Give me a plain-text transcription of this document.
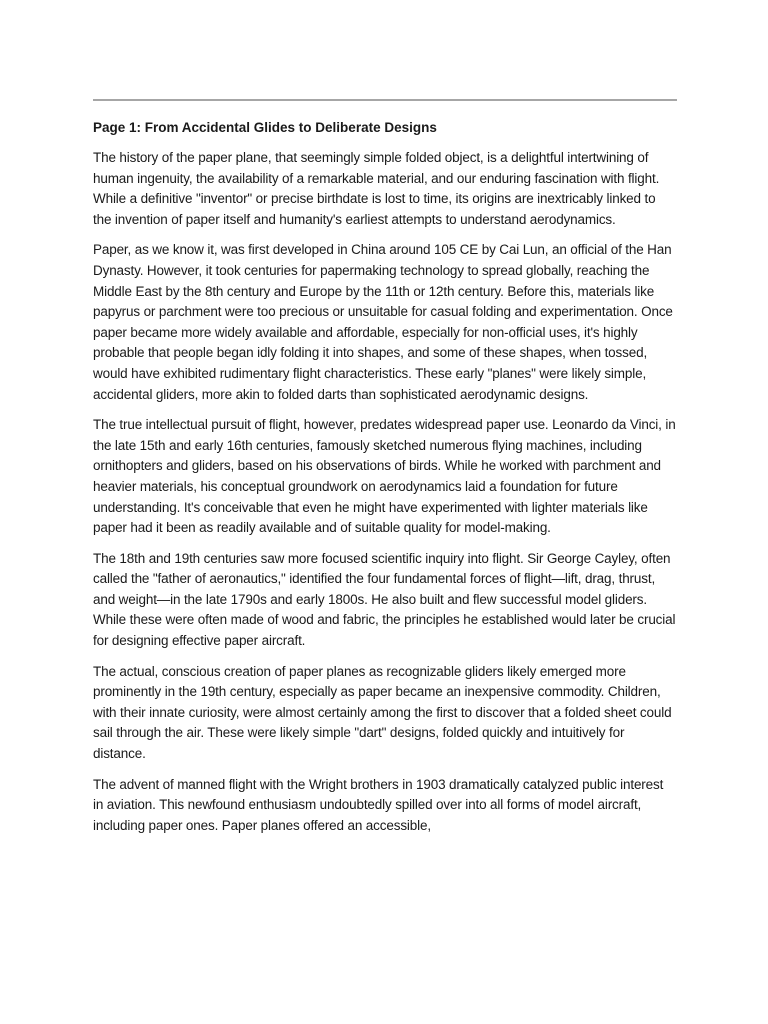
Page 1: From Accidental Glides to Deliberate Designs

The history of the paper plane, that seemingly simple folded object, is a delightful intertwining of human ingenuity, the availability of a remarkable material, and our enduring fascination with flight. While a definitive "inventor" or precise birthdate is lost to time, its origins are inextricably linked to the invention of paper itself and humanity's earliest attempts to understand aerodynamics.

Paper, as we know it, was first developed in China around 105 CE by Cai Lun, an official of the Han Dynasty. However, it took centuries for papermaking technology to spread globally, reaching the Middle East by the 8th century and Europe by the 11th or 12th century. Before this, materials like papyrus or parchment were too precious or unsuitable for casual folding and experimentation. Once paper became more widely available and affordable, especially for non-official uses, it's highly probable that people began idly folding it into shapes, and some of these shapes, when tossed, would have exhibited rudimentary flight characteristics. These early "planes" were likely simple, accidental gliders, more akin to folded darts than sophisticated aerodynamic designs.

The true intellectual pursuit of flight, however, predates widespread paper use. Leonardo da Vinci, in the late 15th and early 16th centuries, famously sketched numerous flying machines, including ornithopters and gliders, based on his observations of birds. While he worked with parchment and heavier materials, his conceptual groundwork on aerodynamics laid a foundation for future understanding. It's conceivable that even he might have experimented with lighter materials like paper had it been as readily available and of suitable quality for model-making.

The 18th and 19th centuries saw more focused scientific inquiry into flight. Sir George Cayley, often called the "father of aeronautics," identified the four fundamental forces of flight—lift, drag, thrust, and weight—in the late 1790s and early 1800s. He also built and flew successful model gliders. While these were often made of wood and fabric, the principles he established would later be crucial for designing effective paper aircraft.

The actual, conscious creation of paper planes as recognizable gliders likely emerged more prominently in the 19th century, especially as paper became an inexpensive commodity. Children, with their innate curiosity, were almost certainly among the first to discover that a folded sheet could sail through the air. These were likely simple "dart" designs, folded quickly and intuitively for distance.

The advent of manned flight with the Wright brothers in 1903 dramatically catalyzed public interest in aviation. This newfound enthusiasm undoubtedly spilled over into all forms of model aircraft, including paper ones. Paper planes offered an accessible,
